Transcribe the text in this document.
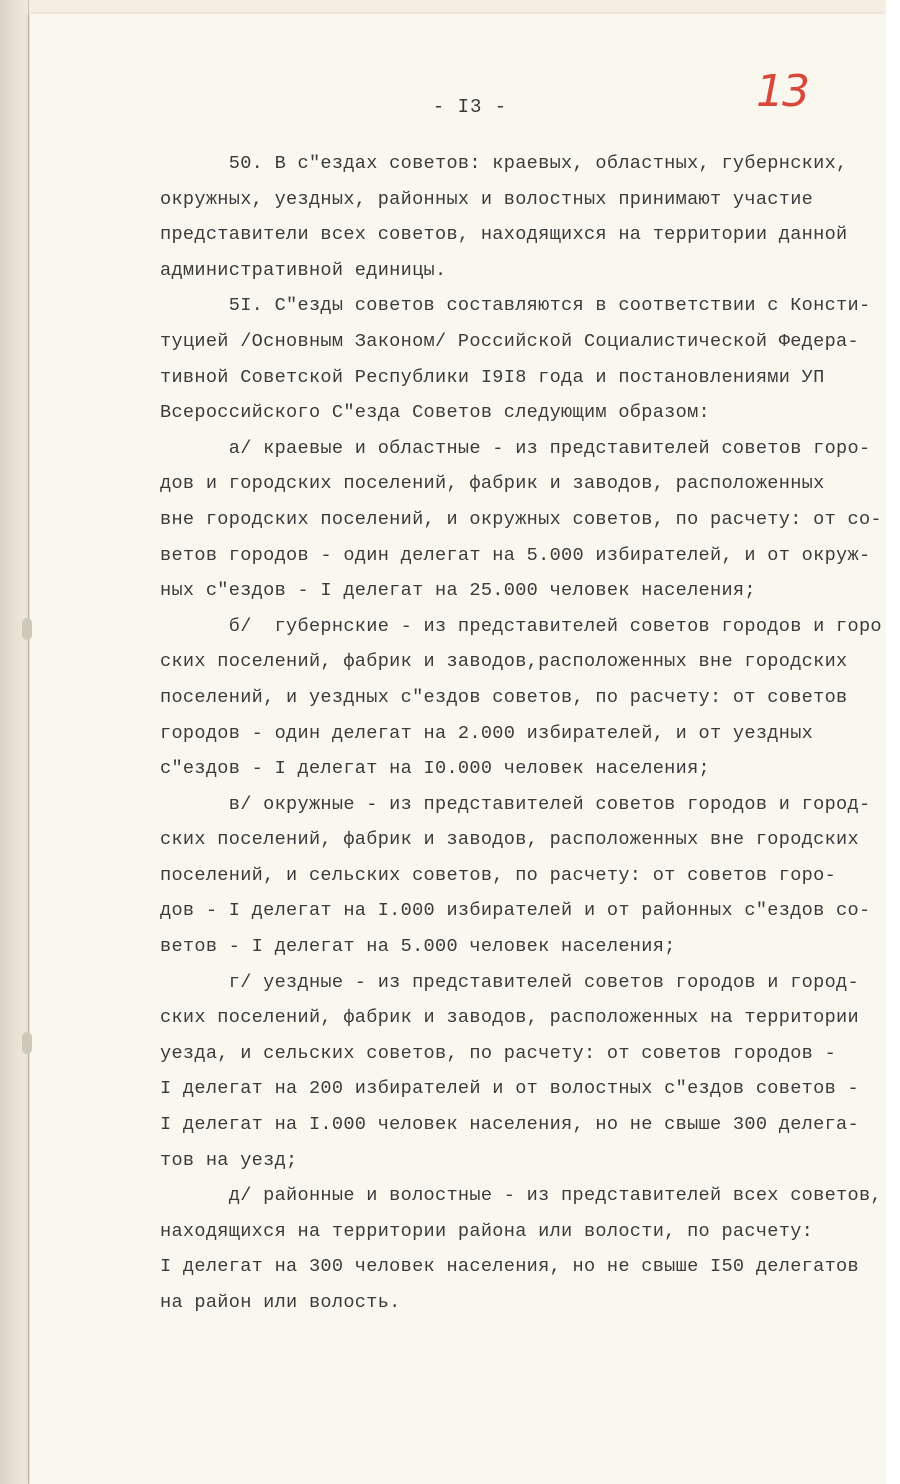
- I3 -	13
50. В с"ездах советов: краевых, областных, губернских,
окружных, уездных, районных и волостных принимают участие
представители всех советов, находящихся на территории данной
административной единицы.
5I. С"езды советов составляются в соответствии с Консти-
туцией /Основным Законом/ Российской Социалистической Федера-
тивной Советской Республики I9I8 года и постановлениями УП
Всероссийского С"езда Советов следующим образом:
а/ краевые и областные - из представителей советов горо-
дов и городских поселений, фабрик и заводов, расположенных
вне городских поселений, и окружных советов, по расчету: от со-
ветов городов - один делегат на 5.000 избирателей, и от окруж-
ных с"ездов - I делегат на 25.000 человек населения;
б/  губернские - из представителей советов городов и горо
ских поселений, фабрик и заводов,расположенных вне городских
поселений, и уездных с"ездов советов, по расчету: от советов
городов - один делегат на 2.000 избирателей, и от уездных
с"ездов - I делегат на I0.000 человек населения;
в/ окружные - из представителей советов городов и город-
ских поселений, фабрик и заводов, расположенных вне городских
поселений, и сельских советов, по расчету: от советов горо-
дов - I делегат на I.000 избирателей и от районных с"ездов со-
ветов - I делегат на 5.000 человек населения;
г/ уездные - из представителей советов городов и город-
ских поселений, фабрик и заводов, расположенных на территории
уезда, и сельских советов, по расчету: от советов городов -
I делегат на 200 избирателей и от волостных с"ездов советов -
I делегат на I.000 человек населения, но не свыше 300 делега-
тов на уезд;
д/ районные и волостные - из представителей всех советов,
находящихся на территории района или волости, по расчету:
I делегат на 300 человек населения, но не свыше I50 делегатов
на район или волость.
